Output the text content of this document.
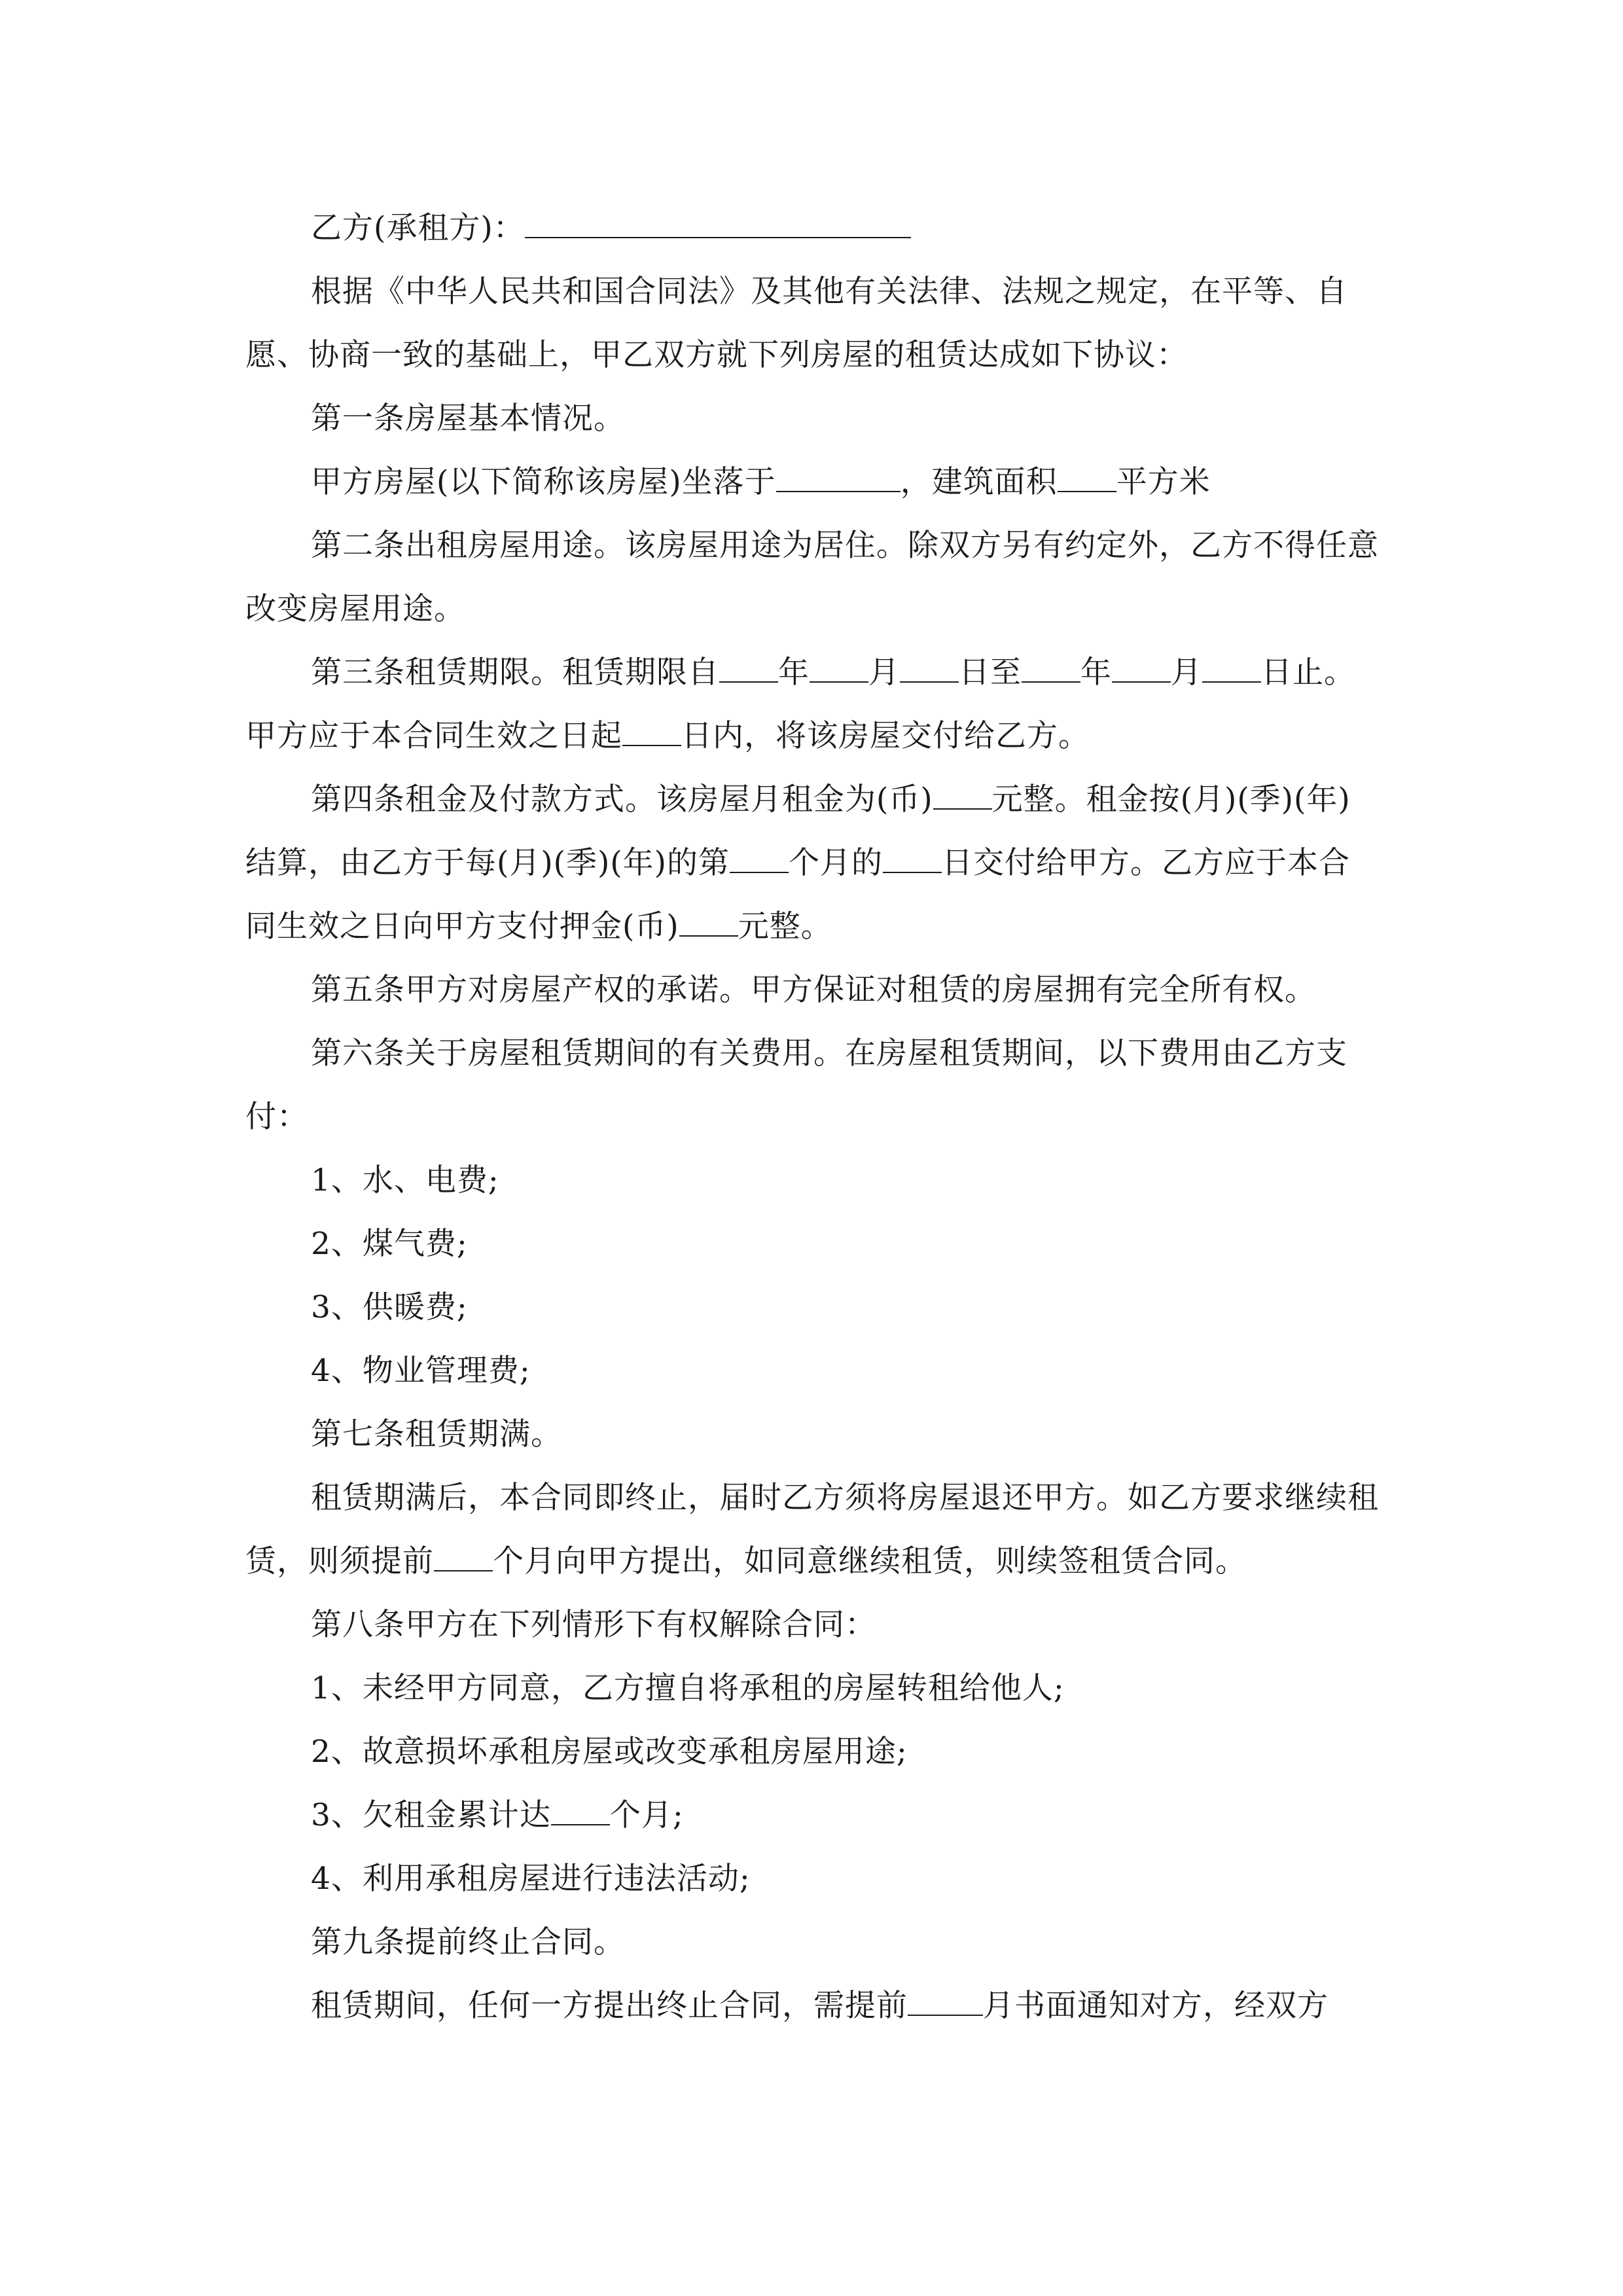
乙方(承租方)：

根据《中华人民共和国合同法》及其他有关法律、法规之规定，在平等、自愿、协商一致的基础上，甲乙双方就下列房屋的租赁达成如下协议：

第一条房屋基本情况。

甲方房屋(以下简称该房屋)坐落于	，建筑面积 平方米

第二条出租房屋用途。该房屋用途为居住。除双方另有约定外，乙方不得任意改变房屋用途。

第三条租赁期限。租赁期限自 年 月 日至 年 月 日止。甲方应于本合同生效之日起 日内，将该房屋交付给乙方。

第四条租金及付款方式。该房屋月租金为(币) 元整。租金按(月)(季)(年)结算，由乙方于每(月)(季)(年)的第 个月的 日交付给甲方。乙方应于本合同生效之日向甲方支付押金(币) 元整。

第五条甲方对房屋产权的承诺。甲方保证对租赁的房屋拥有完全所有权。

第六条关于房屋租赁期间的有关费用。在房屋租赁期间，以下费用由乙方支付：

1、水、电费;

2、煤气费;

3、供暖费;

4、物业管理费;

第七条租赁期满。

租赁期满后，本合同即终止，届时乙方须将房屋退还甲方。如乙方要求继续租赁，则须提前 个月向甲方提出，如同意继续租赁，则续签租赁合同。

第八条甲方在下列情形下有权解除合同：

1、未经甲方同意，乙方擅自将承租的房屋转租给他人;

2、故意损坏承租房屋或改变承租房屋用途;

3、欠租金累计达 个月;

4、利用承租房屋进行违法活动;

第九条提前终止合同。

租赁期间，任何一方提出终止合同，需提前 月书面通知对方，经双方
